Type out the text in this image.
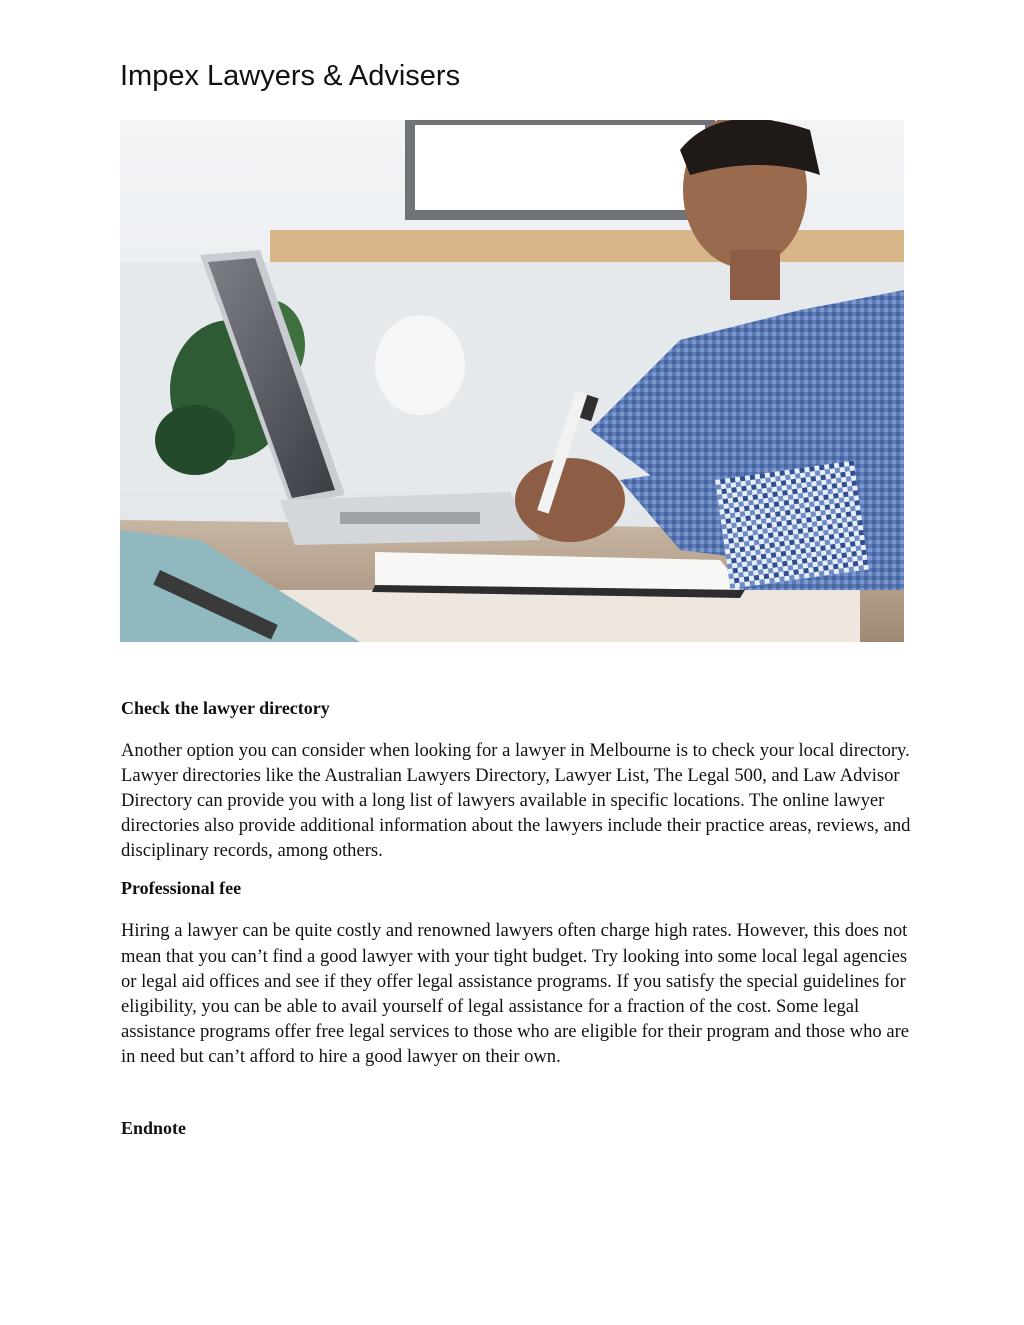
Impex Lawyers & Advisers
Check the lawyer directory

Another option you can consider when looking for a lawyer in Melbourne is to check your local directory. Lawyer directories like the Australian Lawyers Directory, Lawyer List, The Legal 500, and Law Advisor Directory can provide you with a long list of lawyers available in specific locations. The online lawyer directories also provide additional information about the lawyers include their practice areas, reviews, and disciplinary records, among others.

Professional fee

Hiring a lawyer can be quite costly and renowned lawyers often charge high rates. However, this does not mean that you can’t find a good lawyer with your tight budget. Try looking into some local legal agencies or legal aid offices and see if they offer legal assistance programs. If you satisfy the special guidelines for eligibility, you can be able to avail yourself of legal assistance for a fraction of the cost. Some legal assistance programs offer free legal services to those who are eligible for their program and those who are in need but can’t afford to hire a good lawyer on their own.

Endnote
